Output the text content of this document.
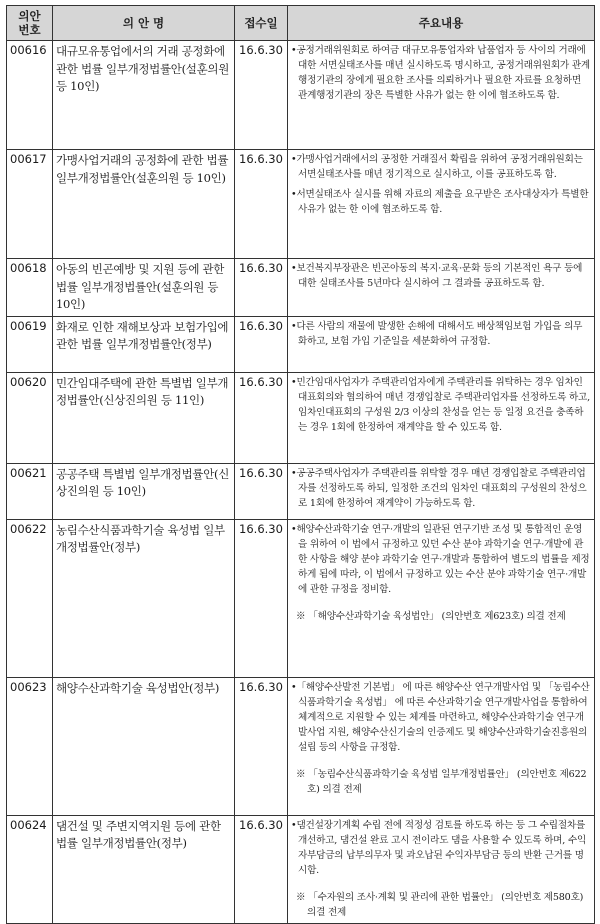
의안
번호	의 안 명	접수일	주요내용
00616	대규모유통업에서의 거래 공정화에 관한 법률 일부개정법률안(설훈의원 등 10인)	16.6.30	•공정거래위원회로 하여금 대규모유통업자와 납품업자 등 사이의 거래에 대한 서면실태조사를 매년 실시하도록 명시하고, 공정거래위원회가 관계 행정기관의 장에게 필요한 조사를 의뢰하거나 필요한 자료를 요청하면 관계행정기관의 장은 특별한 사유가 없는 한 이에 협조하도록 함.

00617	가맹사업거래의 공정화에 관한 법률 일부개정법률안(설훈의원 등 10인)	16.6.30	•가맹사업거래에서의 공정한 거래질서 확립을 위하여 공정거래위원회는 서면실태조사를 매년 정기적으로 실시하고, 이를 공표하도록 함.
•서면실태조사 실시를 위해 자료의 제출을 요구받은 조사대상자가 특별한 사유가 없는 한 이에 협조하도록 함.

00618	아동의 빈곤예방 및 지원 등에 관한 법률 일부개정법률안(설훈의원 등 10인)	16.6.30	•보건복지부장관은 빈곤아동의 복지·교육·문화 등의 기본적인 욕구 등에 대한 실태조사를 5년마다 실시하여 그 결과를 공표하도록 함.

00619	화재로 인한 재해보상과 보험가입에 관한 법률 일부개정법률안(정부)	16.6.30	•다른 사람의 재물에 발생한 손해에 대해서도 배상책임보험 가입을 의무화하고, 보험 가입 기준일을 세분화하여 규정함.

00620	민간임대주택에 관한 특별법 일부개정법률안(신상진의원 등 11인)	16.6.30	•민간임대사업자가 주택관리업자에게 주택관리를 위탁하는 경우 임차인대표회의와 협의하여 매년 경쟁입찰로 주택관리업자를 선정하도록 하고, 임차인대표회의 구성원 2/3 이상의 찬성을 얻는 등 일정 요건을 충족하는 경우 1회에 한정하여 재계약을 할 수 있도록 함.

00621	공공주택 특별법 일부개정법률안(신상진의원 등 10인)	16.6.30	•공공주택사업자가 주택관리를 위탁할 경우 매년 경쟁입찰로 주택관리업자를 선정하도록 하되, 일정한 조건의 임차인 대표회의 구성원의 찬성으로 1회에 한정하여 재계약이 가능하도록 함.

00622	농림수산식품과학기술 육성법 일부개정법률안(정부)	16.6.30	•해양수산과학기술 연구·개발의 일관된 연구기반 조성 및 통합적인 운영을 위하여 이 법에서 규정하고 있던 수산 분야 과학기술 연구·개발에 관한 사항을 해양 분야 과학기술 연구·개발과 통합하여 별도의 법률을 제정하게 됨에 따라, 이 법에서 규정하고 있는 수산 분야 과학기술 연구·개발에 관한 규정을 정비함.
※ 「해양수산과학기술 육성법안」 (의안번호 제623호) 의결 전제

00623	해양수산과학기술 육성법안(정부)	16.6.30	•「해양수산발전 기본법」 에 따른 해양수산 연구개발사업 및 「농림수산식품과학기술 육성법」 에 따른 수산과학기술 연구개발사업을 통합하여 체계적으로 지원할 수 있는 체계를 마련하고, 해양수산과학기술 연구개발사업 지원, 해양수산신기술의 인증제도 및 해양수산과학기술진흥원의 설립 등의 사항을 규정함.
※ 「농림수산식품과학기술 육성법 일부개정법률안」 (의안번호 제622호) 의결 전제

00624	댐건설 및 주변지역지원 등에 관한 법률 일부개정법률안(정부)	16.6.30	•댐건설장기계획 수립 전에 적정성 검토를 하도록 하는 등 그 수립절차를 개선하고, 댐건설 완료 고시 전이라도 댐을 사용할 수 있도록 하며, 수익자부담금의 납부의무자 및 과오납된 수익자부담금 등의 반환 근거를 명시함.
※ 「수자원의 조사·계획 및 관리에 관한 법률안」 (의안번호 제580호) 의결 전제
